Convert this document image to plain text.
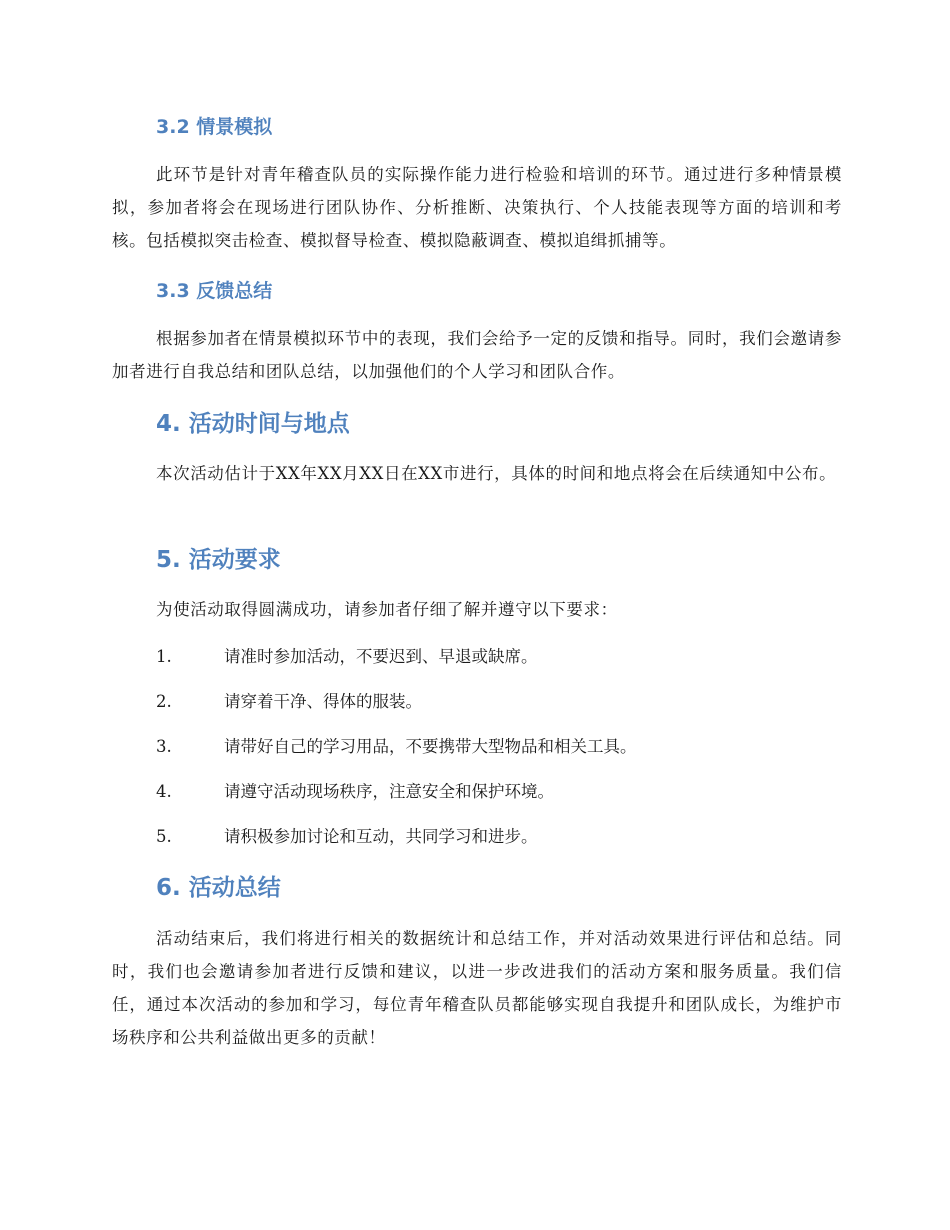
3.2 情景模拟

此环节是针对青年稽查队员的实际操作能力进行检验和培训的环节。通过进行多种情景模拟，参加者将会在现场进行团队协作、分析推断、决策执行、个人技能表现等方面的培训和考核。包括模拟突击检查、模拟督导检查、模拟隐蔽调查、模拟追缉抓捕等。

3.3 反馈总结

根据参加者在情景模拟环节中的表现，我们会给予一定的反馈和指导。同时，我们会邀请参加者进行自我总结和团队总结，以加强他们的个人学习和团队合作。

4. 活动时间与地点

本次活动估计于XX年XX月XX日在XX市进行，具体的时间和地点将会在后续通知中公布。

5. 活动要求

为使活动取得圆满成功，请参加者仔细了解并遵守以下要求：

1.	请准时参加活动，不要迟到、早退或缺席。
2.	请穿着干净、得体的服装。
3.	请带好自己的学习用品，不要携带大型物品和相关工具。
4.	请遵守活动现场秩序，注意安全和保护环境。
5.	请积极参加讨论和互动，共同学习和进步。
6. 活动总结

活动结束后，我们将进行相关的数据统计和总结工作，并对活动效果进行评估和总结。同时，我们也会邀请参加者进行反馈和建议，以进一步改进我们的活动方案和服务质量。我们信任，通过本次活动的参加和学习，每位青年稽查队员都能够实现自我提升和团队成长，为维护市场秩序和公共利益做出更多的贡献！
